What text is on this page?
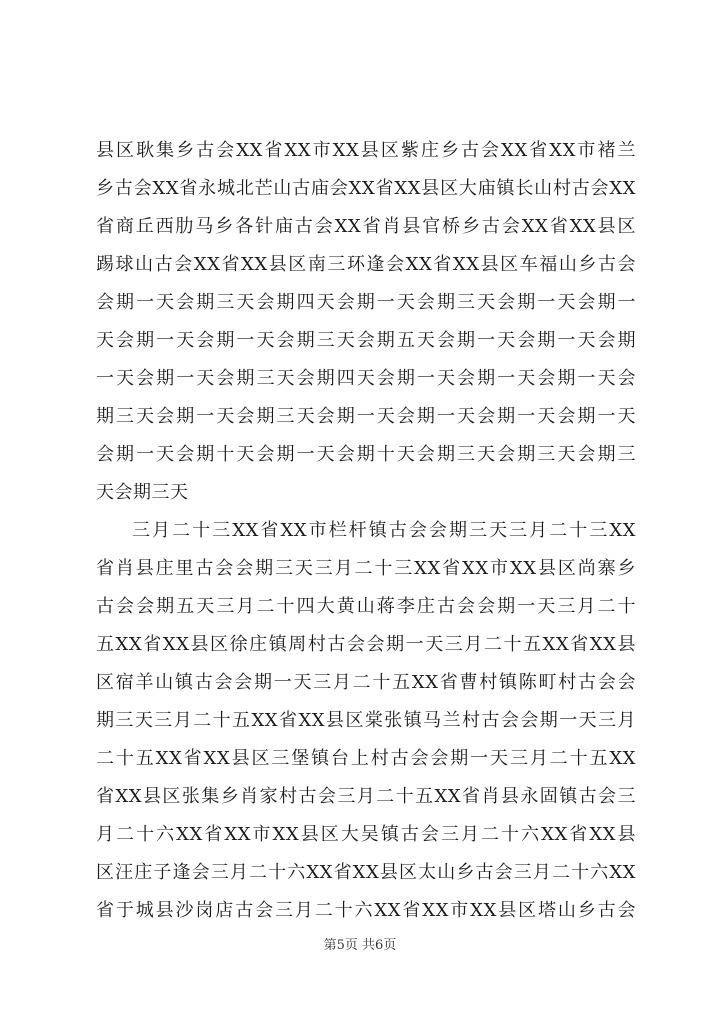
县区耿集乡古会XX省XX市XX县区紫庄乡古会XX省XX市褚兰
乡古会XX省永城北芒山古庙会XX省XX县区大庙镇长山村古会XX
省商丘西肋马乡各针庙古会XX省肖县官桥乡古会XX省XX县区
踢球山古会XX省XX县区南三环逢会XX省XX县区车福山乡古会
会期一天会期三天会期四天会期一天会期三天会期一天会期一
天会期一天会期一天会期三天会期五天会期一天会期一天会期
一天会期一天会期三天会期四天会期一天会期一天会期一天会
期三天会期一天会期三天会期一天会期一天会期一天会期一天
会期一天会期十天会期一天会期十天会期三天会期三天会期三
天会期三天
三月二十三XX省XX市栏杆镇古会会期三天三月二十三XX
省肖县庄里古会会期三天三月二十三XX省XX市XX县区尚寨乡
古会会期五天三月二十四大黄山蒋李庄古会会期一天三月二十
五XX省XX县区徐庄镇周村古会会期一天三月二十五XX省XX县
区宿羊山镇古会会期一天三月二十五XX省曹村镇陈町村古会会
期三天三月二十五XX省XX县区棠张镇马兰村古会会期一天三月
二十五XX省XX县区三堡镇台上村古会会期一天三月二十五XX
省XX县区张集乡肖家村古会三月二十五XX省肖县永固镇古会三
月二十六XX省XX市XX县区大吴镇古会三月二十六XX省XX县
区汪庄子逢会三月二十六XX省XX县区太山乡古会三月二十六XX
省于城县沙岗店古会三月二十六XX省XX市XX县区塔山乡古会
第5页 共6页
